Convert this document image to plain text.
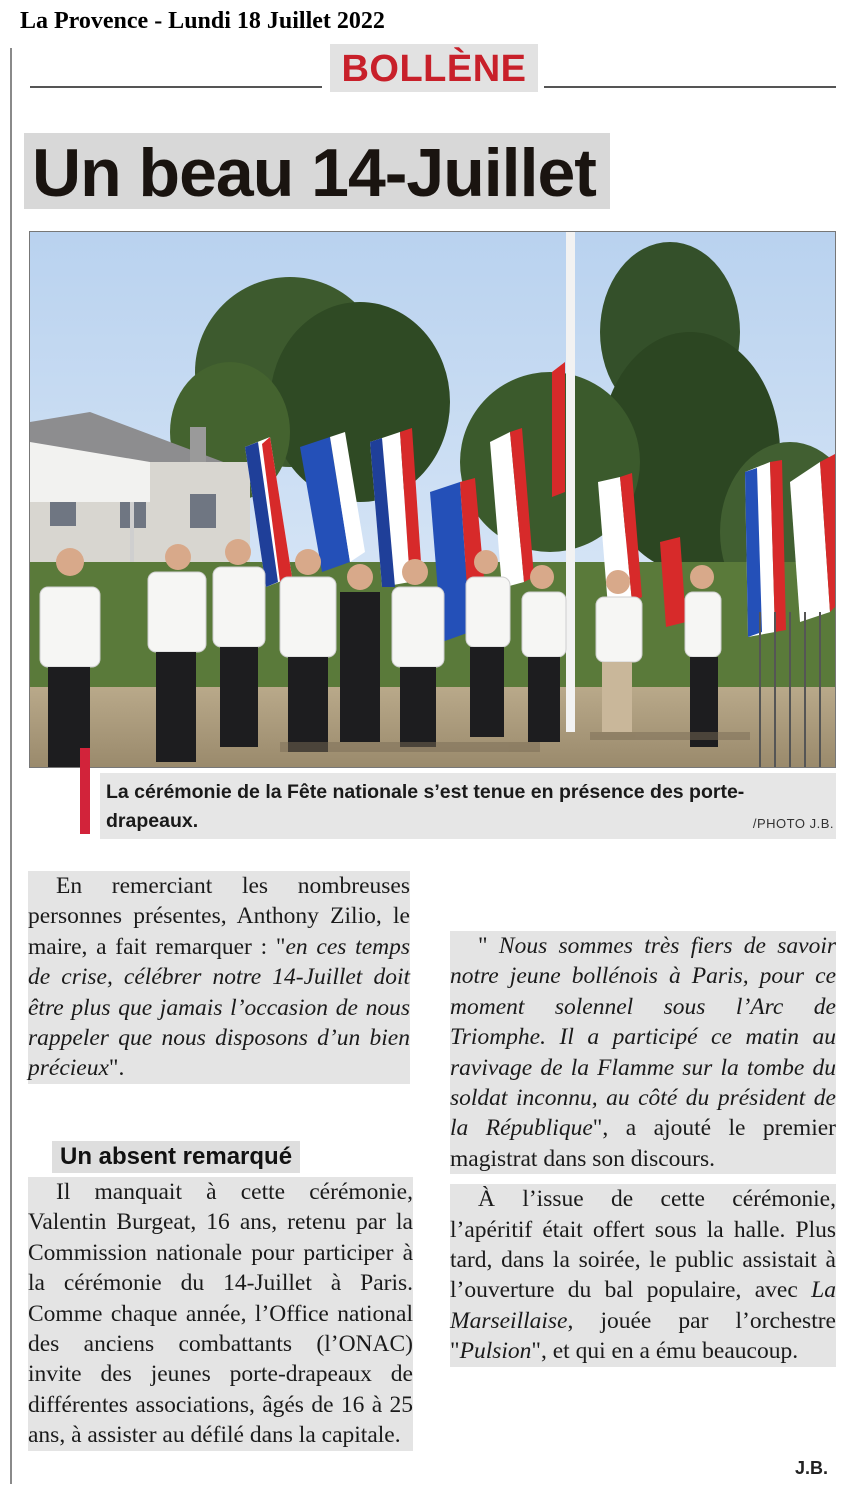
La Provence - Lundi 18 Juillet 2022
BOLLÈNE
Un beau 14-Juillet
La cérémonie de la Fête nationale s’est tenue en présence des porte-drapeaux.	/PHOTO J.B.

En remerciant les nombreuses personnes présentes, Anthony Zilio, le maire, a fait remarquer : "en ces temps de crise, célébrer notre 14-Juillet doit être plus que jamais l’occasion de nous rappeler que nous disposons d’un bien précieux".

Un absent remarqué

Il manquait à cette cérémonie, Valentin Burgeat, 16 ans, retenu par la Commission nationale pour participer à la cérémonie du 14-Juillet à Paris. Comme chaque année, l’Office national des anciens combattants (l’ONAC) invite des jeunes porte-drapeaux de différentes associations, âgés de 16 à 25 ans, à assister au défilé dans la capitale.

" Nous sommes très fiers de savoir notre jeune bollénois à Paris, pour ce moment solennel sous l’Arc de Triomphe. Il a participé ce matin au ravivage de la Flamme sur la tombe du soldat inconnu, au côté du président de la République", a ajouté le premier magistrat dans son discours.

À l’issue de cette cérémonie, l’apéritif était offert sous la halle. Plus tard, dans la soirée, le public assistait à l’ouverture du bal populaire, avec La Marseillaise, jouée par l’orchestre "Pulsion", et qui en a ému beaucoup.

J.B.
